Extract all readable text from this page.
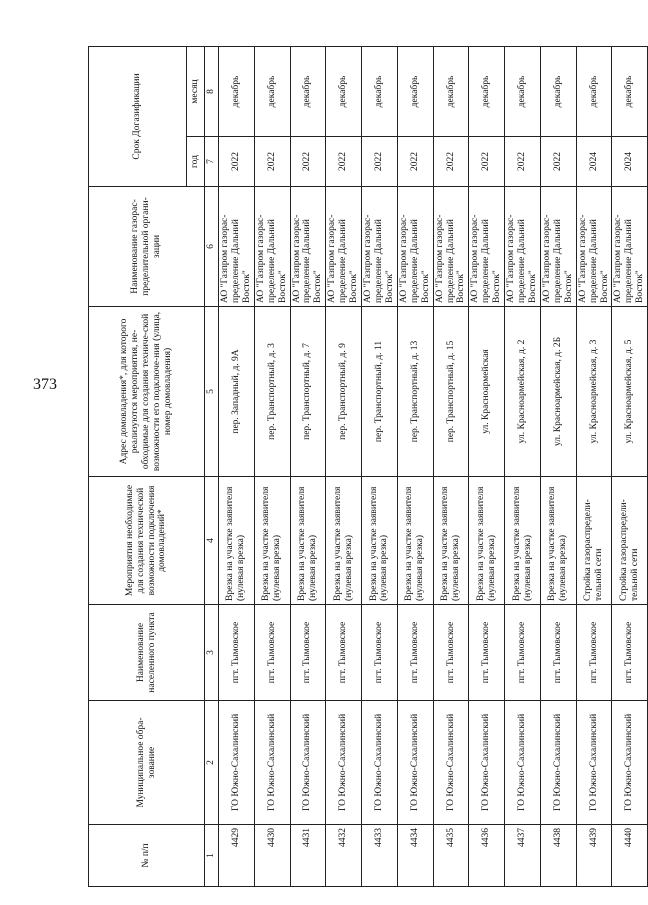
373
№ п/п	Муниципальное обра-зование	Наименование населенного пункта	Мероприятия необходимые для создания технической возможности подключения домовладений*	Адрес домовладения*, для которого реализуются мероприятия, не-обходимые для создания техниче-ской возможности его подключе-ния (улица, номер домовладения)	Наименование газорас-пределительной органи-зации	Срок Догазификации	
						год	месяц
1	2	3	4	5	6	7	8
4429	ГО Южно-Сахалинский	пгт. Тымовское	Врезка на участке заявителя (нулевая врезка)	пер. Западный, д. 9А	АО "Газпром газорас-пределение Дальний Восток"	2022	декабрь
4430	ГО Южно-Сахалинский	пгт. Тымовское	Врезка на участке заявителя (нулевая врезка)	пер. Транспортный, д. 3	АО "Газпром газорас-пределение Дальний Восток"	2022	декабрь
4431	ГО Южно-Сахалинский	пгт. Тымовское	Врезка на участке заявителя (нулевая врезка)	пер. Транспортный, д. 7	АО "Газпром газорас-пределение Дальний Восток"	2022	декабрь
4432	ГО Южно-Сахалинский	пгт. Тымовское	Врезка на участке заявителя (нулевая врезка)	пер. Транспортный, д. 9	АО "Газпром газорас-пределение Дальний Восток"	2022	декабрь
4433	ГО Южно-Сахалинский	пгт. Тымовское	Врезка на участке заявителя (нулевая врезка)	пер. Транспортный, д. 11	АО "Газпром газорас-пределение Дальний Восток"	2022	декабрь
4434	ГО Южно-Сахалинский	пгт. Тымовское	Врезка на участке заявителя (нулевая врезка)	пер. Транспортный, д. 13	АО "Газпром газорас-пределение Дальний Восток"	2022	декабрь
4435	ГО Южно-Сахалинский	пгт. Тымовское	Врезка на участке заявителя (нулевая врезка)	пер. Транспортный, д. 15	АО "Газпром газорас-пределение Дальний Восток"	2022	декабрь
4436	ГО Южно-Сахалинский	пгт. Тымовское	Врезка на участке заявителя (нулевая врезка)	ул. Красноармейская	АО "Газпром газорас-пределение Дальний Восток"	2022	декабрь
4437	ГО Южно-Сахалинский	пгт. Тымовское	Врезка на участке заявителя (нулевая врезка)	ул. Красноармейская, д. 2	АО "Газпром газорас-пределение Дальний Восток"	2022	декабрь
4438	ГО Южно-Сахалинский	пгт. Тымовское	Врезка на участке заявителя (нулевая врезка)	ул. Красноармейская, д. 2Б	АО "Газпром газорас-пределение Дальний Восток"	2022	декабрь
4439	ГО Южно-Сахалинский	пгт. Тымовское	Стройка газораспредели-тельной сети	ул. Красноармейская, д. 3	АО "Газпром газорас-пределение Дальний Восток"	2024	декабрь
4440	ГО Южно-Сахалинский	пгт. Тымовское	Стройка газораспредели-тельной сети	ул. Красноармейская, д. 5	АО "Газпром газорас-пределение Дальний Восток"	2024	декабрь
